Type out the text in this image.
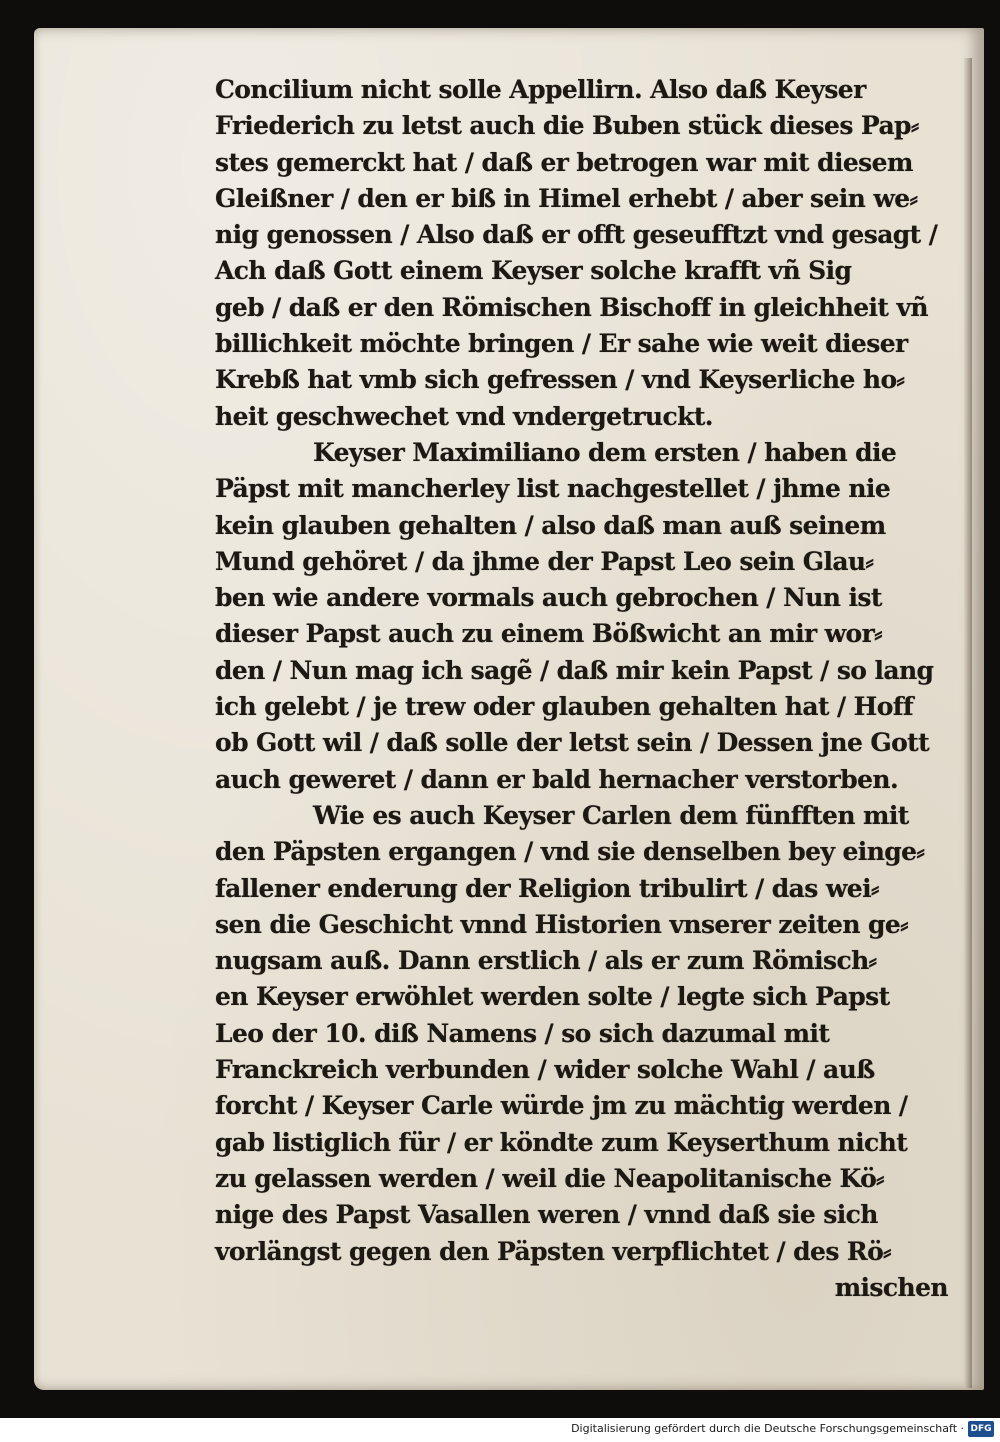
Concilium nicht solle Appellirn. Also daß Keyser
Friederich zu letst auch die Buben stück dieses Pap⸗
stes gemerckt hat / daß er betrogen war mit diesem
Gleißner / den er biß in Himel erhebt / aber sein we⸗
nig genossen / Also daß er offt geseufftzt vnd gesagt /
Ach daß Gott einem Keyser solche krafft vñ Sig
geb / daß er den Römischen Bischoff in gleichheit vñ
billichkeit möchte bringen / Er sahe wie weit dieser
Krebß hat vmb sich gefressen / vnd Keyserliche ho⸗
heit geschwechet vnd vndergetruckt.
Keyser Maximiliano dem ersten / haben die
Päpst mit mancherley list nachgestellet / jhme nie
kein glauben gehalten / also daß man auß seinem
Mund gehöret / da jhme der Papst Leo sein Glau⸗
ben wie andere vormals auch gebrochen / Nun ist
dieser Papst auch zu einem Bößwicht an mir wor⸗
den / Nun mag ich sagẽ / daß mir kein Papst / so lang
ich gelebt / je trew oder glauben gehalten hat / Hoff
ob Gott wil / daß solle der letst sein / Dessen jne Gott
auch geweret / dann er bald hernacher verstorben.
Wie es auch Keyser Carlen dem fünfften mit
den Päpsten ergangen / vnd sie denselben bey einge⸗
fallener enderung der Religion tribulirt / das wei⸗
sen die Geschicht vnnd Historien vnserer zeiten ge⸗
nugsam auß. Dann erstlich / als er zum Römisch⸗
en Keyser erwöhlet werden solte / legte sich Papst
Leo der 10. diß Namens / so sich dazumal mit
Franckreich verbunden / wider solche Wahl / auß
forcht / Keyser Carle würde jm zu mächtig werden /
gab listiglich für / er köndte zum Keyserthum nicht
zu gelassen werden / weil die Neapolitanische Kö⸗
nige des Papst Vasallen weren / vnnd daß sie sich
vorlängst gegen den Päpsten verpflichtet / des Rö⸗
mischen
Digitalisierung gefördert durch die Deutsche Forschungsgemeinschaft · DFG
